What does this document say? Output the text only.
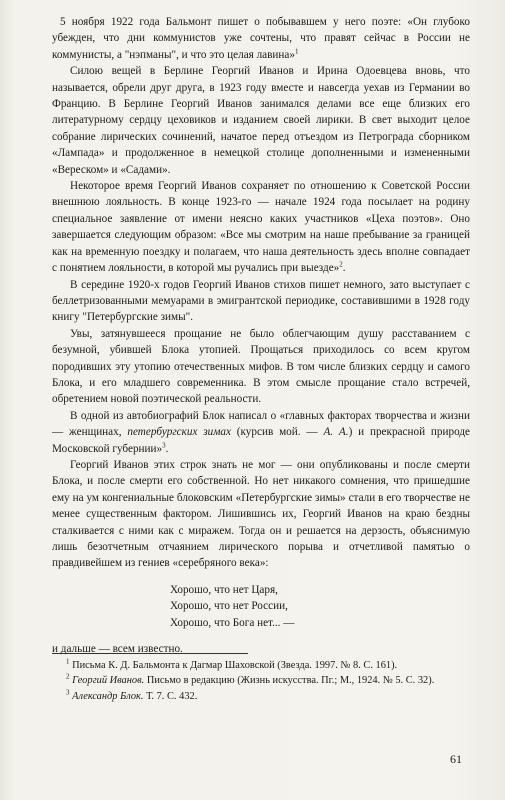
5 ноября 1922 года Бальмонт пишет о побывавшем у него поэте: «Он глубоко убежден, что дни коммунистов уже сочтены, что правят сейчас в России не коммунисты, а "нэпманы", и что это целая лавина»$^1$

Силою вещей в Берлине Георгий Иванов и Ирина Одоевцева вновь, что называется, обрели друг друга, в 1923 году вместе и навсегда уехав из Германии во Францию. В Берлине Георгий Иванов занимался делами все еще близких его литературному сердцу цеховиков и изданием своей лирики. В свет выходит целое собрание лирических сочинений, начатое перед отъездом из Петрограда сборником «Лампада» и продолженное в немецкой столице дополненными и измененными «Вереском» и «Садами».

Некоторое время Георгий Иванов сохраняет по отношению к Советской России внешнюю лояльность. В конце 1923-го — начале 1924 года посылает на родину специальное заявление от имени неясно каких участников «Цеха поэтов». Оно завершается следующим образом: «Все мы смотрим на наше пребывание за границей как на временную поездку и полагаем, что наша деятельность здесь вполне совпадает с понятием лояльности, в которой мы ручались при выезде»$^2$.

В середине 1920-х годов Георгий Иванов стихов пишет немного, зато выступает с беллетризованными мемуарами в эмигрантской периодике, составившими в 1928 году книгу "Петербургские зимы".

Увы, затянувшееся прощание не было облегчающим душу расставанием с безумной, убившей Блока утопией. Прощаться приходилось со всем кругом породивших эту утопию отечественных мифов. В том числе близких сердцу и самого Блока, и его младшего современника. В этом смысле прощание стало встречей, обретением новой поэтической реальности.

В одной из автобиографий Блок написал о «главных факторах творчества и жизни — женщинах, петербургских зимах (курсив мой. — А. А.) и прекрасной природе Московской губернии»$^3$.

Георгий Иванов этих строк знать не мог — они опубликованы и после смерти Блока, и после смерти его собственной. Но нет никакого сомнения, что пришедшие ему на ум конгениальные блоковским «Петербургские зимы» стали в его творчестве не менее существенным фактором. Лишившись их, Георгий Иванов на краю бездны сталкивается с ними как с миражем. Тогда он и решается на дерзость, объяснимую лишь безотчетным отчаянием лирического порыва и отчетливой памятью о правдивейшем из гениев «серебряного века»:

Хорошо, что нет Царя,
Хорошо, что нет России,
Хорошо, что Бога нет... —

и дальше — всем известно.

$^1$ Письма К. Д. Бальмонта к Дагмар Шаховской (Звезда. 1997. № 8. С. 161).

$^2$ Георгий Иванов. Письмо в редакцию (Жизнь искусства. Пг.; М., 1924. № 5. С. 32).

$^3$ Александр Блок. Т. 7. С. 432.

61
